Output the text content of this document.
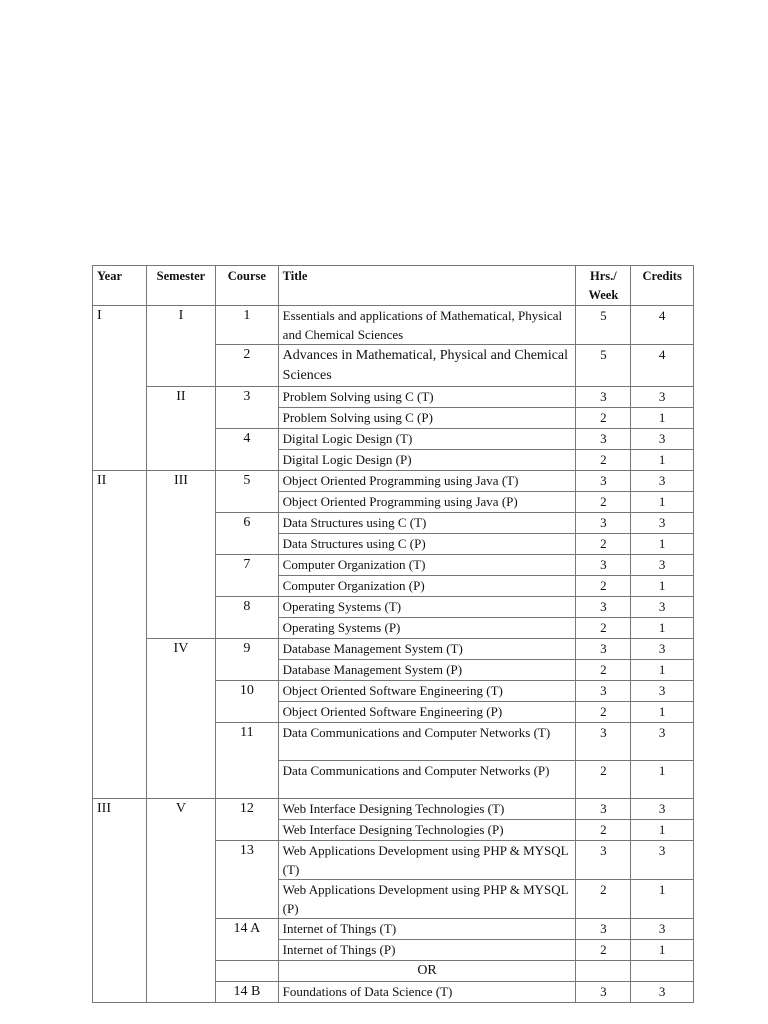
Year	Semester	Course	Title	Hrs./ Week	Credits
I	I	1	Essentials and applications of Mathematical, Physical and Chemical Sciences	5	4
		2	Advances in Mathematical, Physical and Chemical Sciences	5	4
	II	3	Problem Solving using C (T)	3	3
			Problem Solving using C (P)	2	1
		4	Digital Logic Design (T)	3	3
			Digital Logic Design (P)	2	1
II	III	5	Object Oriented Programming using Java (T)	3	3
			Object Oriented Programming using Java (P)	2	1
		6	Data Structures using C (T)	3	3
			Data Structures using C (P)	2	1
		7	Computer Organization (T)	3	3
			Computer Organization (P)	2	1
		8	Operating Systems (T)	3	3
			Operating Systems (P)	2	1
	IV	9	Database Management System (T)	3	3
			Database Management System (P)	2	1
		10	Object Oriented Software Engineering (T)	3	3
			Object Oriented Software Engineering (P)	2	1
		11	Data Communications and Computer Networks (T)	3	3
			Data Communications and Computer Networks (P)	2	1
III	V	12	Web Interface Designing Technologies (T)	3	3
			Web Interface Designing Technologies (P)	2	1
		13	Web Applications Development using PHP & MYSQL (T)	3	3
			Web Applications Development using PHP & MYSQL (P)	2	1
		14 A	Internet of Things (T)	3	3
			Internet of Things (P)	2	1
			OR		
		14 B	Foundations of Data Science (T)	3	3
